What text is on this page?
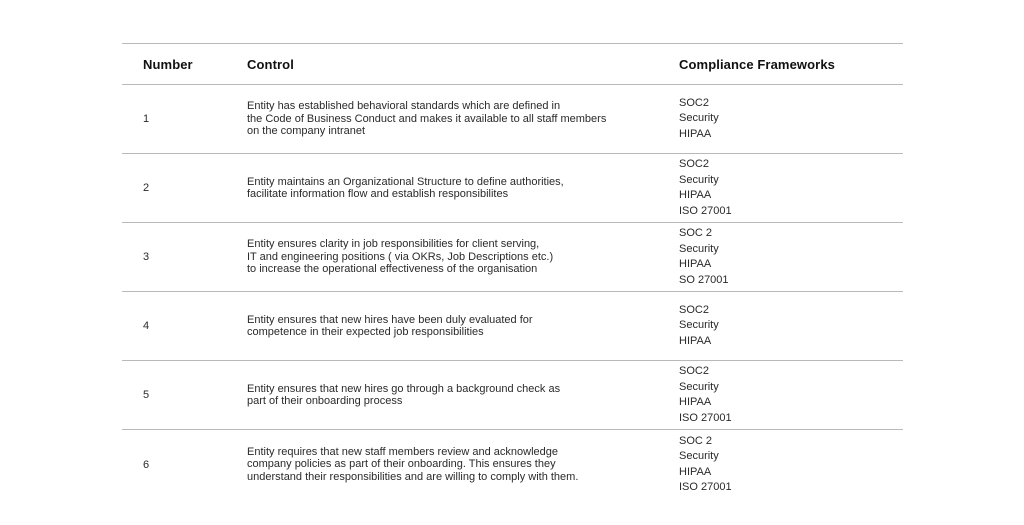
Number	Control	Compliance Frameworks
1
Entity has established behavioral standards which are defined in
the Code of Business Conduct and makes it available to all staff members
on the company intranet
SOC2
Security
HIPAA
2
Entity maintains an Organizational Structure to define authorities,
facilitate information flow and establish responsibilites
SOC2
Security
HIPAA
ISO 27001
3
Entity ensures clarity in job responsibilities for client serving,
IT and engineering positions ( via OKRs, Job Descriptions etc.)
to increase the operational effectiveness of the organisation
SOC 2
Security
HIPAA
SO 27001
4
Entity ensures that new hires have been duly evaluated for
competence in their expected job responsibilities
SOC2
Security
HIPAA
5
Entity ensures that new hires go through a background check as
part of their onboarding process
SOC2
Security
HIPAA
ISO 27001
6
Entity requires that new staff members review and acknowledge
company policies as part of their onboarding. This ensures they
understand their responsibilities and are willing to comply with them.
SOC 2
Security
HIPAA
ISO 27001
